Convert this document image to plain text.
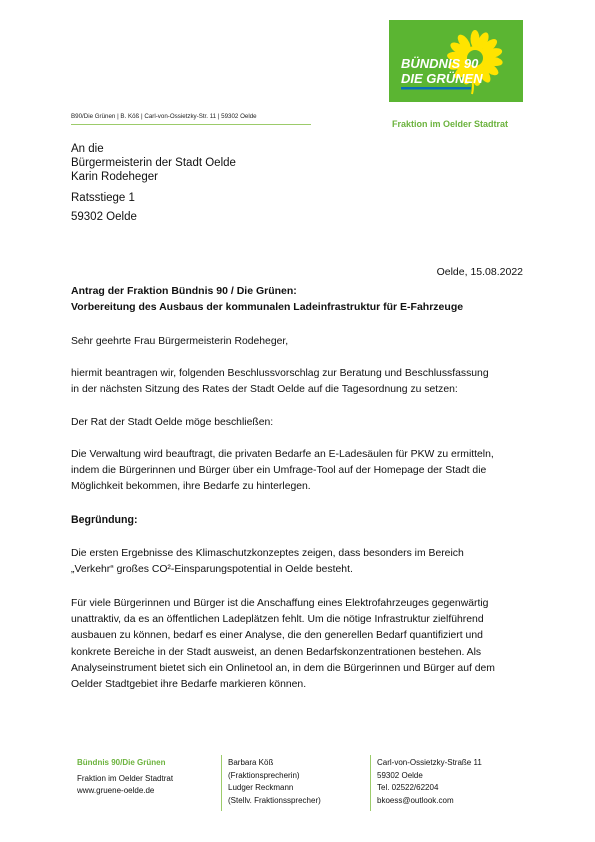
BÜNDNIS 90
DIE GRÜNEN
B90/Die Grünen | B. Köß | Carl-von-Ossietzky-Str. 11 | 59302 Oelde
Fraktion im Oelder Stadtrat
An die
Bürgermeisterin der Stadt Oelde
Karin Rodeheger
Ratsstiege 1
59302 Oelde
Oelde, 15.08.2022
Antrag der Fraktion Bündnis 90 / Die Grünen:
Vorbereitung des Ausbaus der kommunalen Ladeinfrastruktur für E-Fahrzeuge
Sehr geehrte Frau Bürgermeisterin Rodeheger,
hiermit beantragen wir, folgenden Beschlussvorschlag zur Beratung und Beschlussfassung
in der nächsten Sitzung des Rates der Stadt Oelde auf die Tagesordnung zu setzen:
Der Rat der Stadt Oelde möge beschließen:
Die Verwaltung wird beauftragt, die privaten Bedarfe an E-Ladesäulen für PKW zu ermitteln,
indem die Bürgerinnen und Bürger über ein Umfrage-Tool auf der Homepage der Stadt die
Möglichkeit bekommen, ihre Bedarfe zu hinterlegen.
Begründung:
Die ersten Ergebnisse des Klimaschutzkonzeptes zeigen, dass besonders im Bereich
„Verkehr“ großes CO²-Einsparungspotential in Oelde besteht.
Für viele Bürgerinnen und Bürger ist die Anschaffung eines Elektrofahrzeuges gegenwärtig
unattraktiv, da es an öffentlichen Ladeplätzen fehlt. Um die nötige Infrastruktur zielführend
ausbauen zu können, bedarf es einer Analyse, die den generellen Bedarf quantifiziert und
konkrete Bereiche in der Stadt ausweist, an denen Bedarfskonzentrationen bestehen. Als
Analyseinstrument bietet sich ein Onlinetool an, in dem die Bürgerinnen und Bürger auf dem
Oelder Stadtgebiet ihre Bedarfe markieren können.
Bündnis 90/Die Grünen
Fraktion im Oelder Stadtrat
www.gruene-oelde.de
Barbara Köß
(Fraktionsprecherin)
Ludger Reckmann
(Stellv. Fraktionssprecher)
Carl-von-Ossietzky-Straße 11
59302 Oelde
Tel. 02522/62204
bkoess@outlook.com
